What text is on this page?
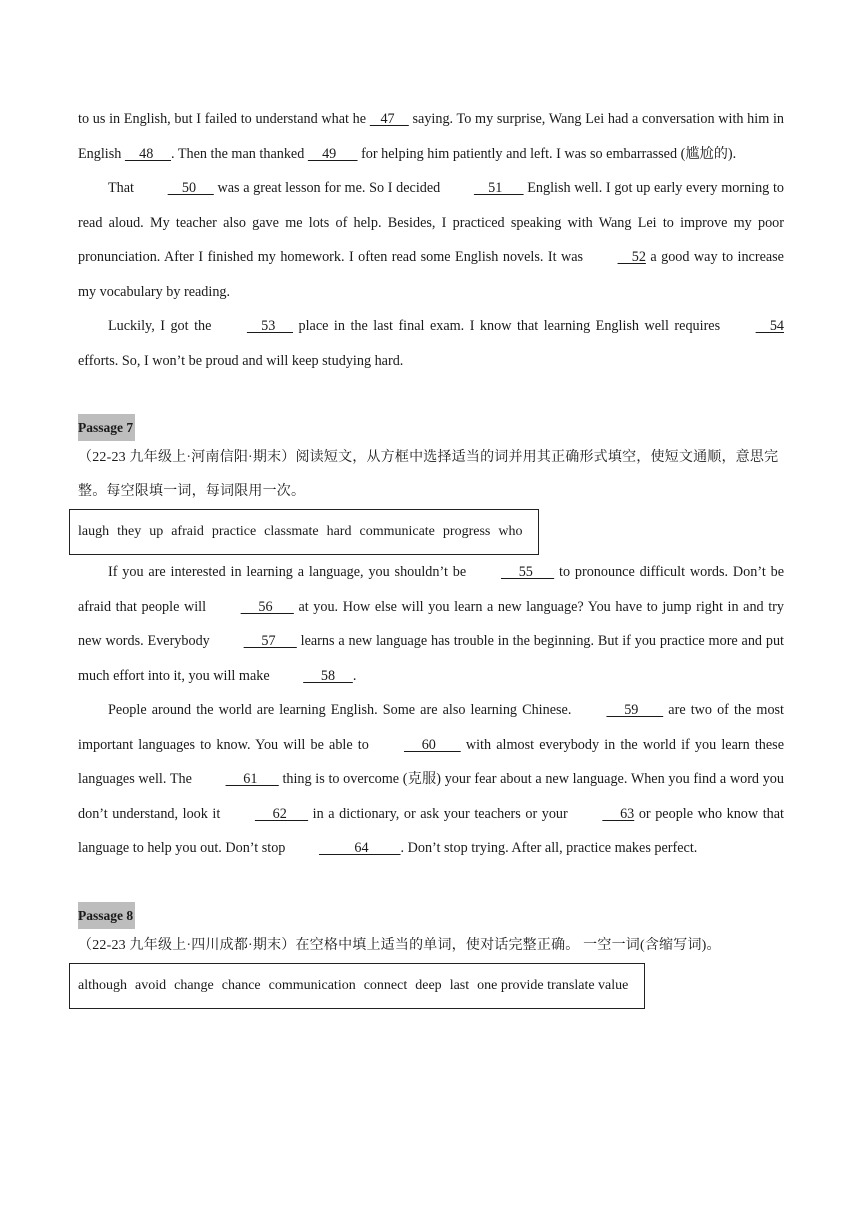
to us in English, but I failed to understand what he    47     saying. To my surprise, Wang Lei had a conversation with him in English     48     . Then the man thanked     49       for helping him patiently and left. I was so embarrassed (尴尬的).

That     50      was a great lesson for me. So I decided     51       English well. I got up early every morning to read aloud. My teacher also gave me lots of help. Besides, I practiced speaking with Wang Lei to improve my poor pronunciation. After I finished my homework. I often read some English novels. It was     52 a good way to increase my vocabulary by reading.

Luckily, I got the     53      place in the last final exam. I know that learning English well requires     54 efforts. So, I won’t be proud and will keep studying hard.

Passage 7

（22-23 九年级上·河南信阳·期末）阅读短文，从方框中选择适当的词并用其正确形式填空，使短文通顺，意思完整。每空限填一词，每词限用一次。

laugh they up afraid practice classmate hard communicate progress who

If you are interested in learning a language, you shouldn’t be      55       to pronounce difficult words. Don’t be afraid that people will      56       at you. How else will you learn a new language? You have to jump right in and try new words. Everybody      57       learns a new language has trouble in the beginning. But if you practice more and put much effort into it, you will make      58     .

People around the world are learning English. Some are also learning Chinese.      59        are two of the most important languages to know. You will be able to      60        with almost everybody in the world if you learn these languages well. The      61       thing is to overcome (克服) your fear about a new language. When you find a word you don’t understand, look it      62       in a dictionary, or ask your teachers or your      63 or people who know that language to help you out. Don’t stop           64         . Don’t stop trying. After all, practice makes perfect.

Passage 8

（22-23 九年级上·四川成都·期末）在空格中填上适当的单词，使对话完整正确。 一空一词(含缩写词)。

although avoid change chance communication connect deep last one provide translate value
